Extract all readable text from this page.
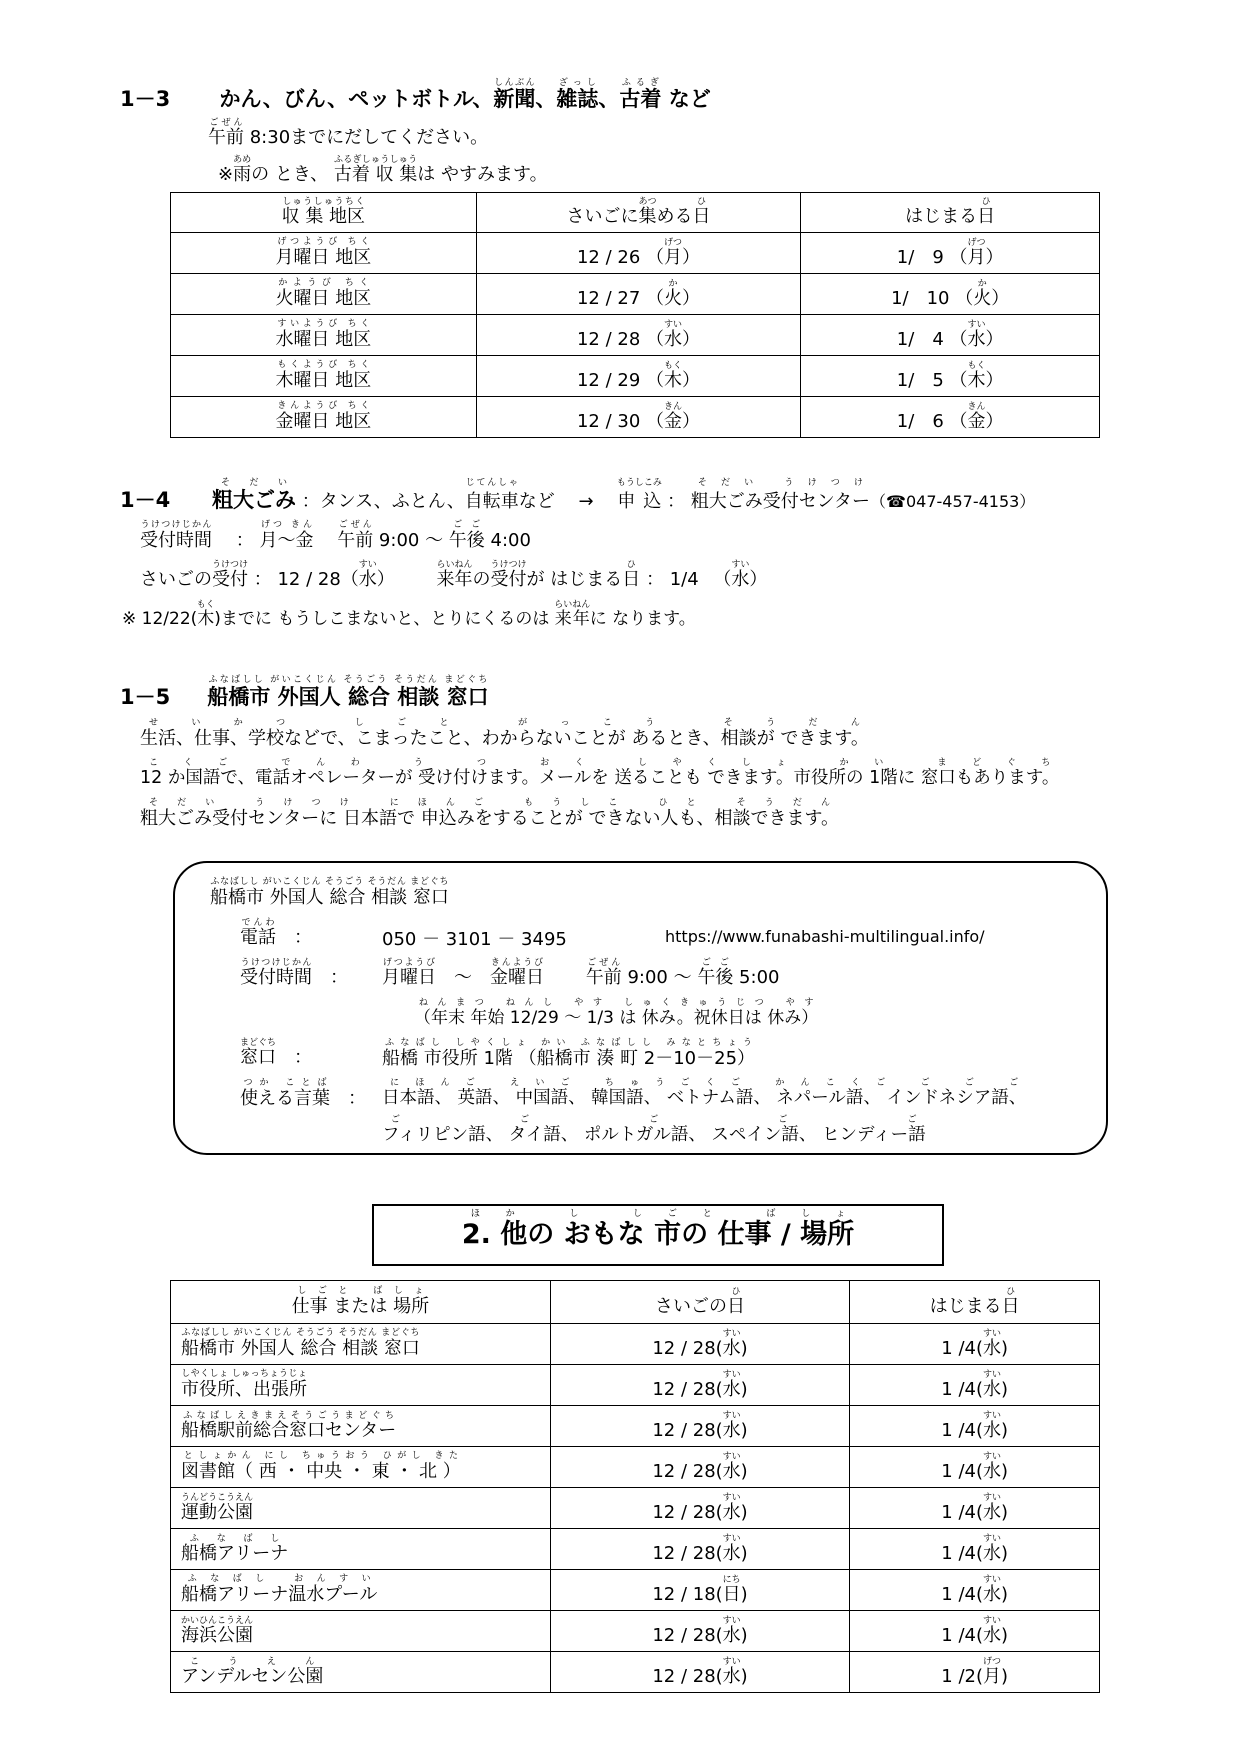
1－3　　 かん、びん、ペットボトル、新聞しんぶん、雑誌ざっし、古着ふるぎ など
午前ごぜん 8:30までにだしてください。
※雨あめの とき、 古着 収 集ふるぎしゅうしゅうは やすみます。
収 集 地区しゅうしゅうちく	さいごに集あつめる日ひ	はじまる日ひ
月曜日 地区げつようび ちく	12 / 26 （月げつ）	1/　9 （月げつ）
火曜日 地区かようび ちく	12 / 27 （火か）	1/　10 （火か）
水曜日 地区すいようび ちく	12 / 28 （水すい）	1/　4 （水すい）
木曜日 地区もくようび ちく	12 / 29 （木もく）	1/　5 （木もく）
金曜日 地区きんようび ちく	12 / 30 （金きん）	1/　6 （金きん）
1－4　　 粗大ごみそだい ：タンス、ふとん、自転車じてんしゃなど 　 →　 申 込もうしこみ ： 粗大ごみ受付センターそだい うけつけ（☎047-457-4153）
受付時間うけつけじかん　 ： 月～金げつ きん　 午前ごぜん 9:00 ～ 午後ごご 4:00
さいごの受付うけつけ ： 12 / 28（水すい） 　　 来年らいねんの受付うけつけが はじまる日ひ ： 1/4 　（水すい）
※ 12/22(木もく)までに もうしこまないと、とりにくるのは 来年らいねんに なります。
1－5　　 船橋市 外国人 総合 相談 窓口ふなばしし がいこくじん そうごう そうだん まどぐち
生活、仕事、学校などで、こまったこと、わからないことが あるとき、相談が できます。せいかつ しごと がっこう そうだん
12 か国語で、電話オペレーターが 受け付けます。メールを 送ることも できます。市役所の 1階に 窓口もあります。こくご でんわ う つ おく しやくしょ かい まどぐち
粗大ごみ受付センターに 日本語で 申込みをすることが できない人も、相談できます。そだい うけつけ にほんご もうしこ ひと そうだん
船橋市 外国人 総合 相談 窓口ふなばしし がいこくじん そうごう そうだん まどぐち
電話でんわ　：	050 － 3101 － 3495	https://www.funabashi-multilingual.info/
受付時間うけつけじかん　： 月曜日げつようび　～　 金曜日きんようび　　 午前ごぜん 9:00 ～ 午後ごご 5:00
（年末 年始 12/29 ～ 1/3 は 休み。祝休日は 休み）ねんまつ ねんし やす しゅくきゅうじつ やす
窓口まどぐち　：	船橋 市役所 1階 （船橋市 湊 町 2－10－25）ふなばし しやくしょ かい ふなばしし みなとちょう
使える言葉つか ことば　： 日本語、 英語、 中国語、 韓国語、 ベトナム語、 ネパール語、 インドネシア語、にほんご えいご ちゅうごくご かんこくご ご ご ご
フィリピン語、 タイ語、 ポルトガル語、 スペイン語、 ヒンディー語ご ご ご ご ご
2. 他の おもな 市の 仕事 / 場所ほか し しごと ばしょ
仕事 または 場所しごと ばしょ	さいごの日ひ	はじまる日ひ
船橋市 外国人 総合 相談 窓口ふなばしし がいこくじん そうごう そうだん まどぐち	12 / 28(水すい)	1 /4(水すい)
市役所、出張所しやくしょ しゅっちょうじょ	12 / 28(水すい)	1 /4(水すい)
船橋駅前総合窓口センターふなばしえきまえそうごうまどぐち	12 / 28(水すい)	1 /4(水すい)
図書館（ 西 ・ 中央 ・ 東 ・ 北 ）としょかん にし ちゅうおう ひがし きた	12 / 28(水すい)	1 /4(水すい)
運動公園うんどうこうえん	12 / 28(水すい)	1 /4(水すい)
船橋アリーナふなばし	12 / 28(水すい)	1 /4(水すい)
船橋アリーナ温水プールふなばし おんすい	12 / 18(日にち)	1 /4(水すい)
海浜公園かいひんこうえん	12 / 28(水すい)	1 /4(水すい)
アンデルセン公園こうえん	12 / 28(水すい)	1 /2(月げつ)
